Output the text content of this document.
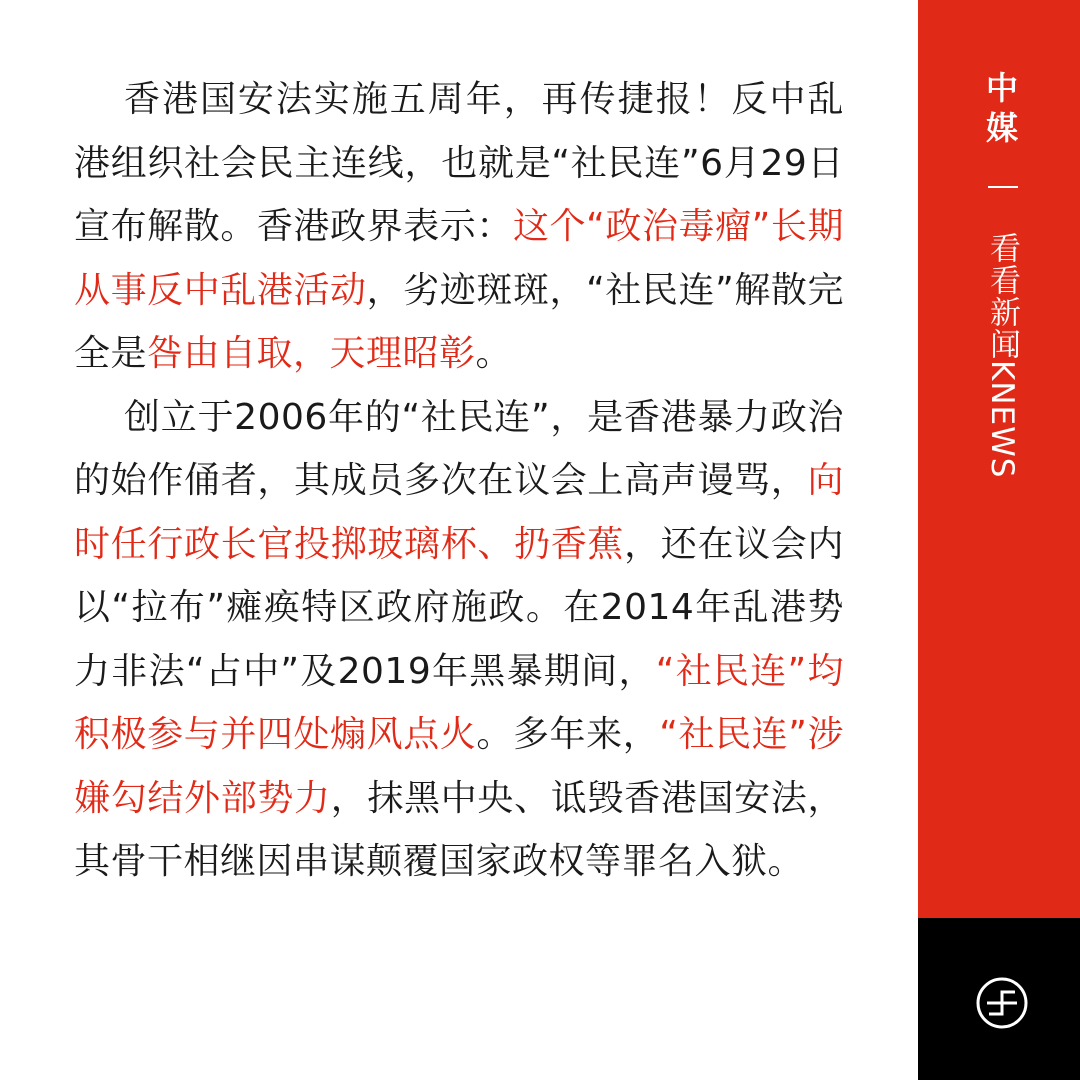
香港国安法实施五周年，再传捷报！反中乱港组织社会民主连线，也就是“社民连”6月29日宣布解散。香港政界表示：这个“政治毒瘤”长期从事反中乱港活动，劣迹斑斑，“社民连”解散完全是咎由自取，天理昭彰。

创立于2006年的“社民连”，是香港暴力政治的始作俑者，其成员多次在议会上高声谩骂，向时任行政长官投掷玻璃杯、扔香蕉，还在议会内以“拉布”瘫痪特区政府施政。在2014年乱港势力非法“占中”及2019年黑暴期间，“社民连”均积极参与并四处煽风点火。多年来，“社民连”涉嫌勾结外部势力，抹黑中央、诋毁香港国安法，其骨干相继因串谋颠覆国家政权等罪名入狱。

中
媒
看看新闻KNEWS
